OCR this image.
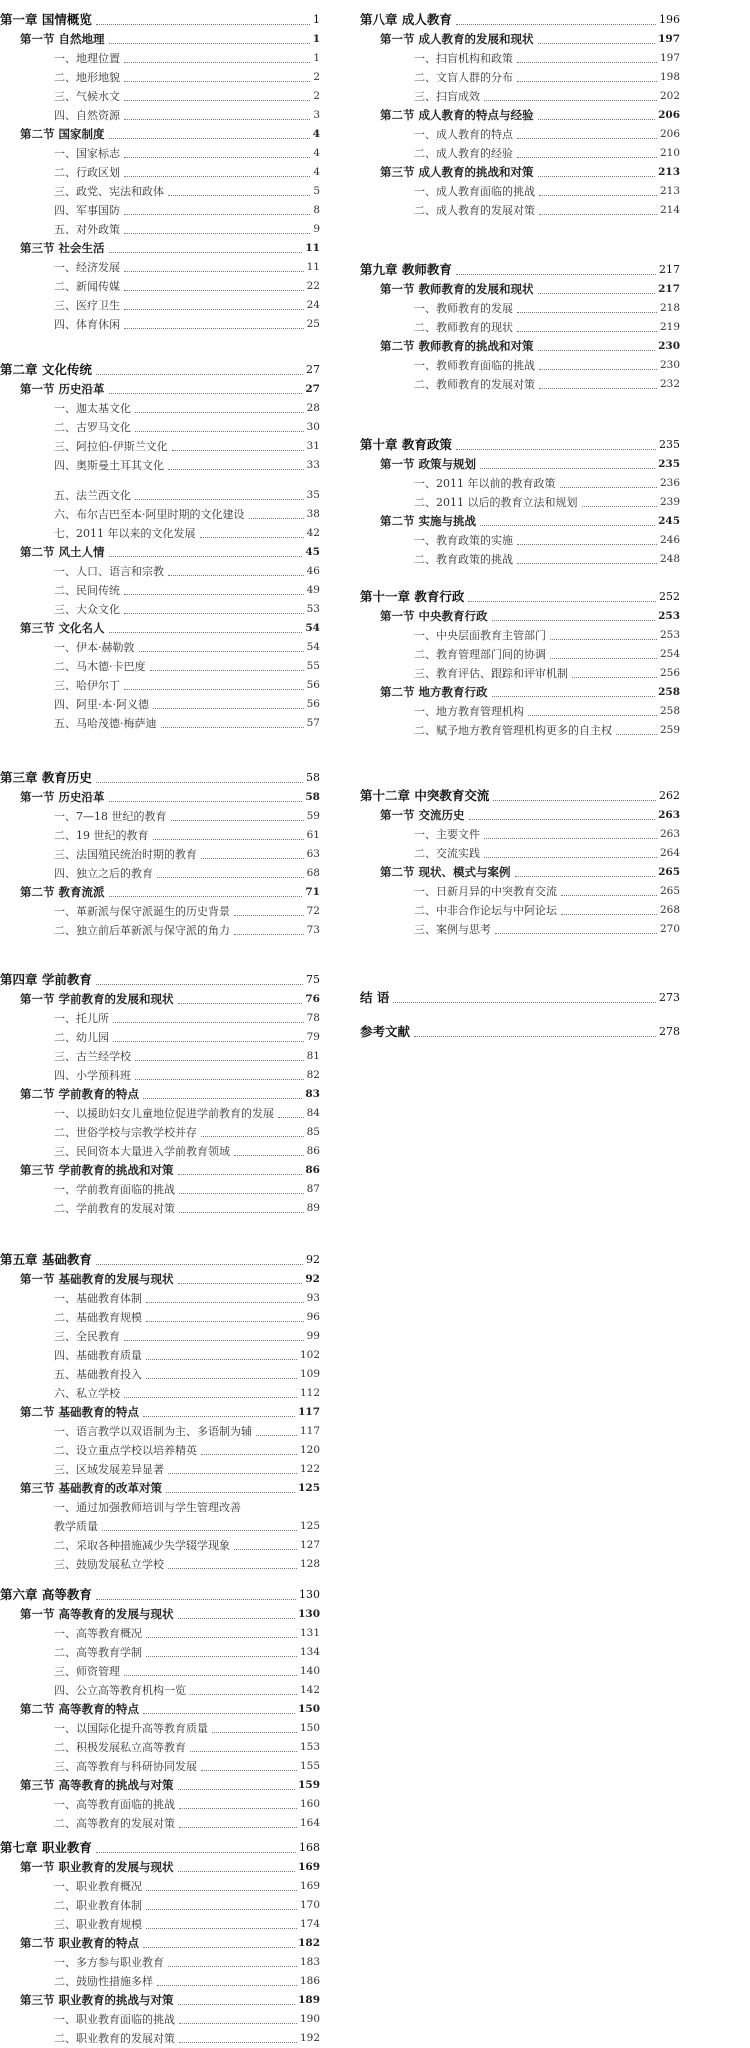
第一章 国情概览	1
第一节 自然地理	1
一、地理位置	1
二、地形地貌	2
三、气候水文	2
四、自然资源	3
第二节 国家制度	4
一、国家标志	4
二、行政区划	4
三、政党、宪法和政体	5
四、军事国防	8
五、对外政策	9
第三节 社会生活	11
一、经济发展	11
二、新闻传媒	22
三、医疗卫生	24
四、体育休闲	25
第二章 文化传统	27
第一节 历史沿革	27
一、迦太基文化	28
二、古罗马文化	30
三、阿拉伯-伊斯兰文化	31
四、奥斯曼土耳其文化	33
五、法兰西文化	35
六、布尔吉巴至本·阿里时期的文化建设	38
七、2011 年以来的文化发展	42
第二节 风土人情	45
一、人口、语言和宗教	46
二、民间传统	49
三、大众文化	53
第三节 文化名人	54
一、伊本·赫勒敦	54
二、马木德·卡巴度	55
三、哈伊尔丁	56
四、阿里·本·阿义德	56
五、马哈茂德·梅萨迪	57
第三章 教育历史	58
第一节 历史沿革	58
一、7—18 世纪的教育	59
二、19 世纪的教育	61
三、法国殖民统治时期的教育	63
四、独立之后的教育	68
第二节 教育流派	71
一、革新派与保守派诞生的历史背景	72
二、独立前后革新派与保守派的角力	73
第四章 学前教育	75
第一节 学前教育的发展和现状	76
一、托儿所	78
二、幼儿园	79
三、古兰经学校	81
四、小学预科班	82
第二节 学前教育的特点	83
一、以援助妇女儿童地位促进学前教育的发展	84
二、世俗学校与宗教学校并存	85
三、民间资本大量进入学前教育领域	86
第三节 学前教育的挑战和对策	86
一、学前教育面临的挑战	87
二、学前教育的发展对策	89
第五章 基础教育	92
第一节 基础教育的发展与现状	92
一、基础教育体制	93
二、基础教育规模	96
三、全民教育	99
四、基础教育质量	102
五、基础教育投入	109
六、私立学校	112
第二节 基础教育的特点	117
一、语言教学以双语制为主、多语制为辅	117
二、设立重点学校以培养精英	120
三、区域发展差异显著	122
第三节 基础教育的改革对策	125
一、通过加强教师培训与学生管理改善
教学质量	125
二、采取各种措施减少失学辍学现象	127
三、鼓励发展私立学校	128
第六章 高等教育	130
第一节 高等教育的发展与现状	130
一、高等教育概况	131
二、高等教育学制	134
三、师资管理	140
四、公立高等教育机构一览	142
第二节 高等教育的特点	150
一、以国际化提升高等教育质量	150
二、积极发展私立高等教育	153
三、高等教育与科研协同发展	155
第三节 高等教育的挑战与对策	159
一、高等教育面临的挑战	160
二、高等教育的发展对策	164
第七章 职业教育	168
第一节 职业教育的发展与现状	169
一、职业教育概况	169
二、职业教育体制	170
三、职业教育规模	174
第二节 职业教育的特点	182
一、多方参与职业教育	183
二、鼓励性措施多样	186
第三节 职业教育的挑战与对策	189
一、职业教育面临的挑战	190
二、职业教育的发展对策	192
第八章 成人教育	196
第一节 成人教育的发展和现状	197
一、扫盲机构和政策	197
二、文盲人群的分布	198
三、扫盲成效	202
第二节 成人教育的特点与经验	206
一、成人教育的特点	206
二、成人教育的经验	210
第三节 成人教育的挑战和对策	213
一、成人教育面临的挑战	213
二、成人教育的发展对策	214
第九章 教师教育	217
第一节 教师教育的发展和现状	217
一、教师教育的发展	218
二、教师教育的现状	219
第二节 教师教育的挑战和对策	230
一、教师教育面临的挑战	230
二、教师教育的发展对策	232
第十章 教育政策	235
第一节 政策与规划	235
一、2011 年以前的教育政策	236
二、2011 以后的教育立法和规划	239
第二节 实施与挑战	245
一、教育政策的实施	246
二、教育政策的挑战	248
第十一章 教育行政	252
第一节 中央教育行政	253
一、中央层面教育主管部门	253
二、教育管理部门间的协调	254
三、教育评估、跟踪和评审机制	256
第二节 地方教育行政	258
一、地方教育管理机构	258
二、赋予地方教育管理机构更多的自主权	259
第十二章 中突教育交流	262
第一节 交流历史	263
一、主要文件	263
二、交流实践	264
第二节 现状、模式与案例	265
一、日新月异的中突教育交流	265
二、中非合作论坛与中阿论坛	268
三、案例与思考	270
结 语	273
参考文献	278
